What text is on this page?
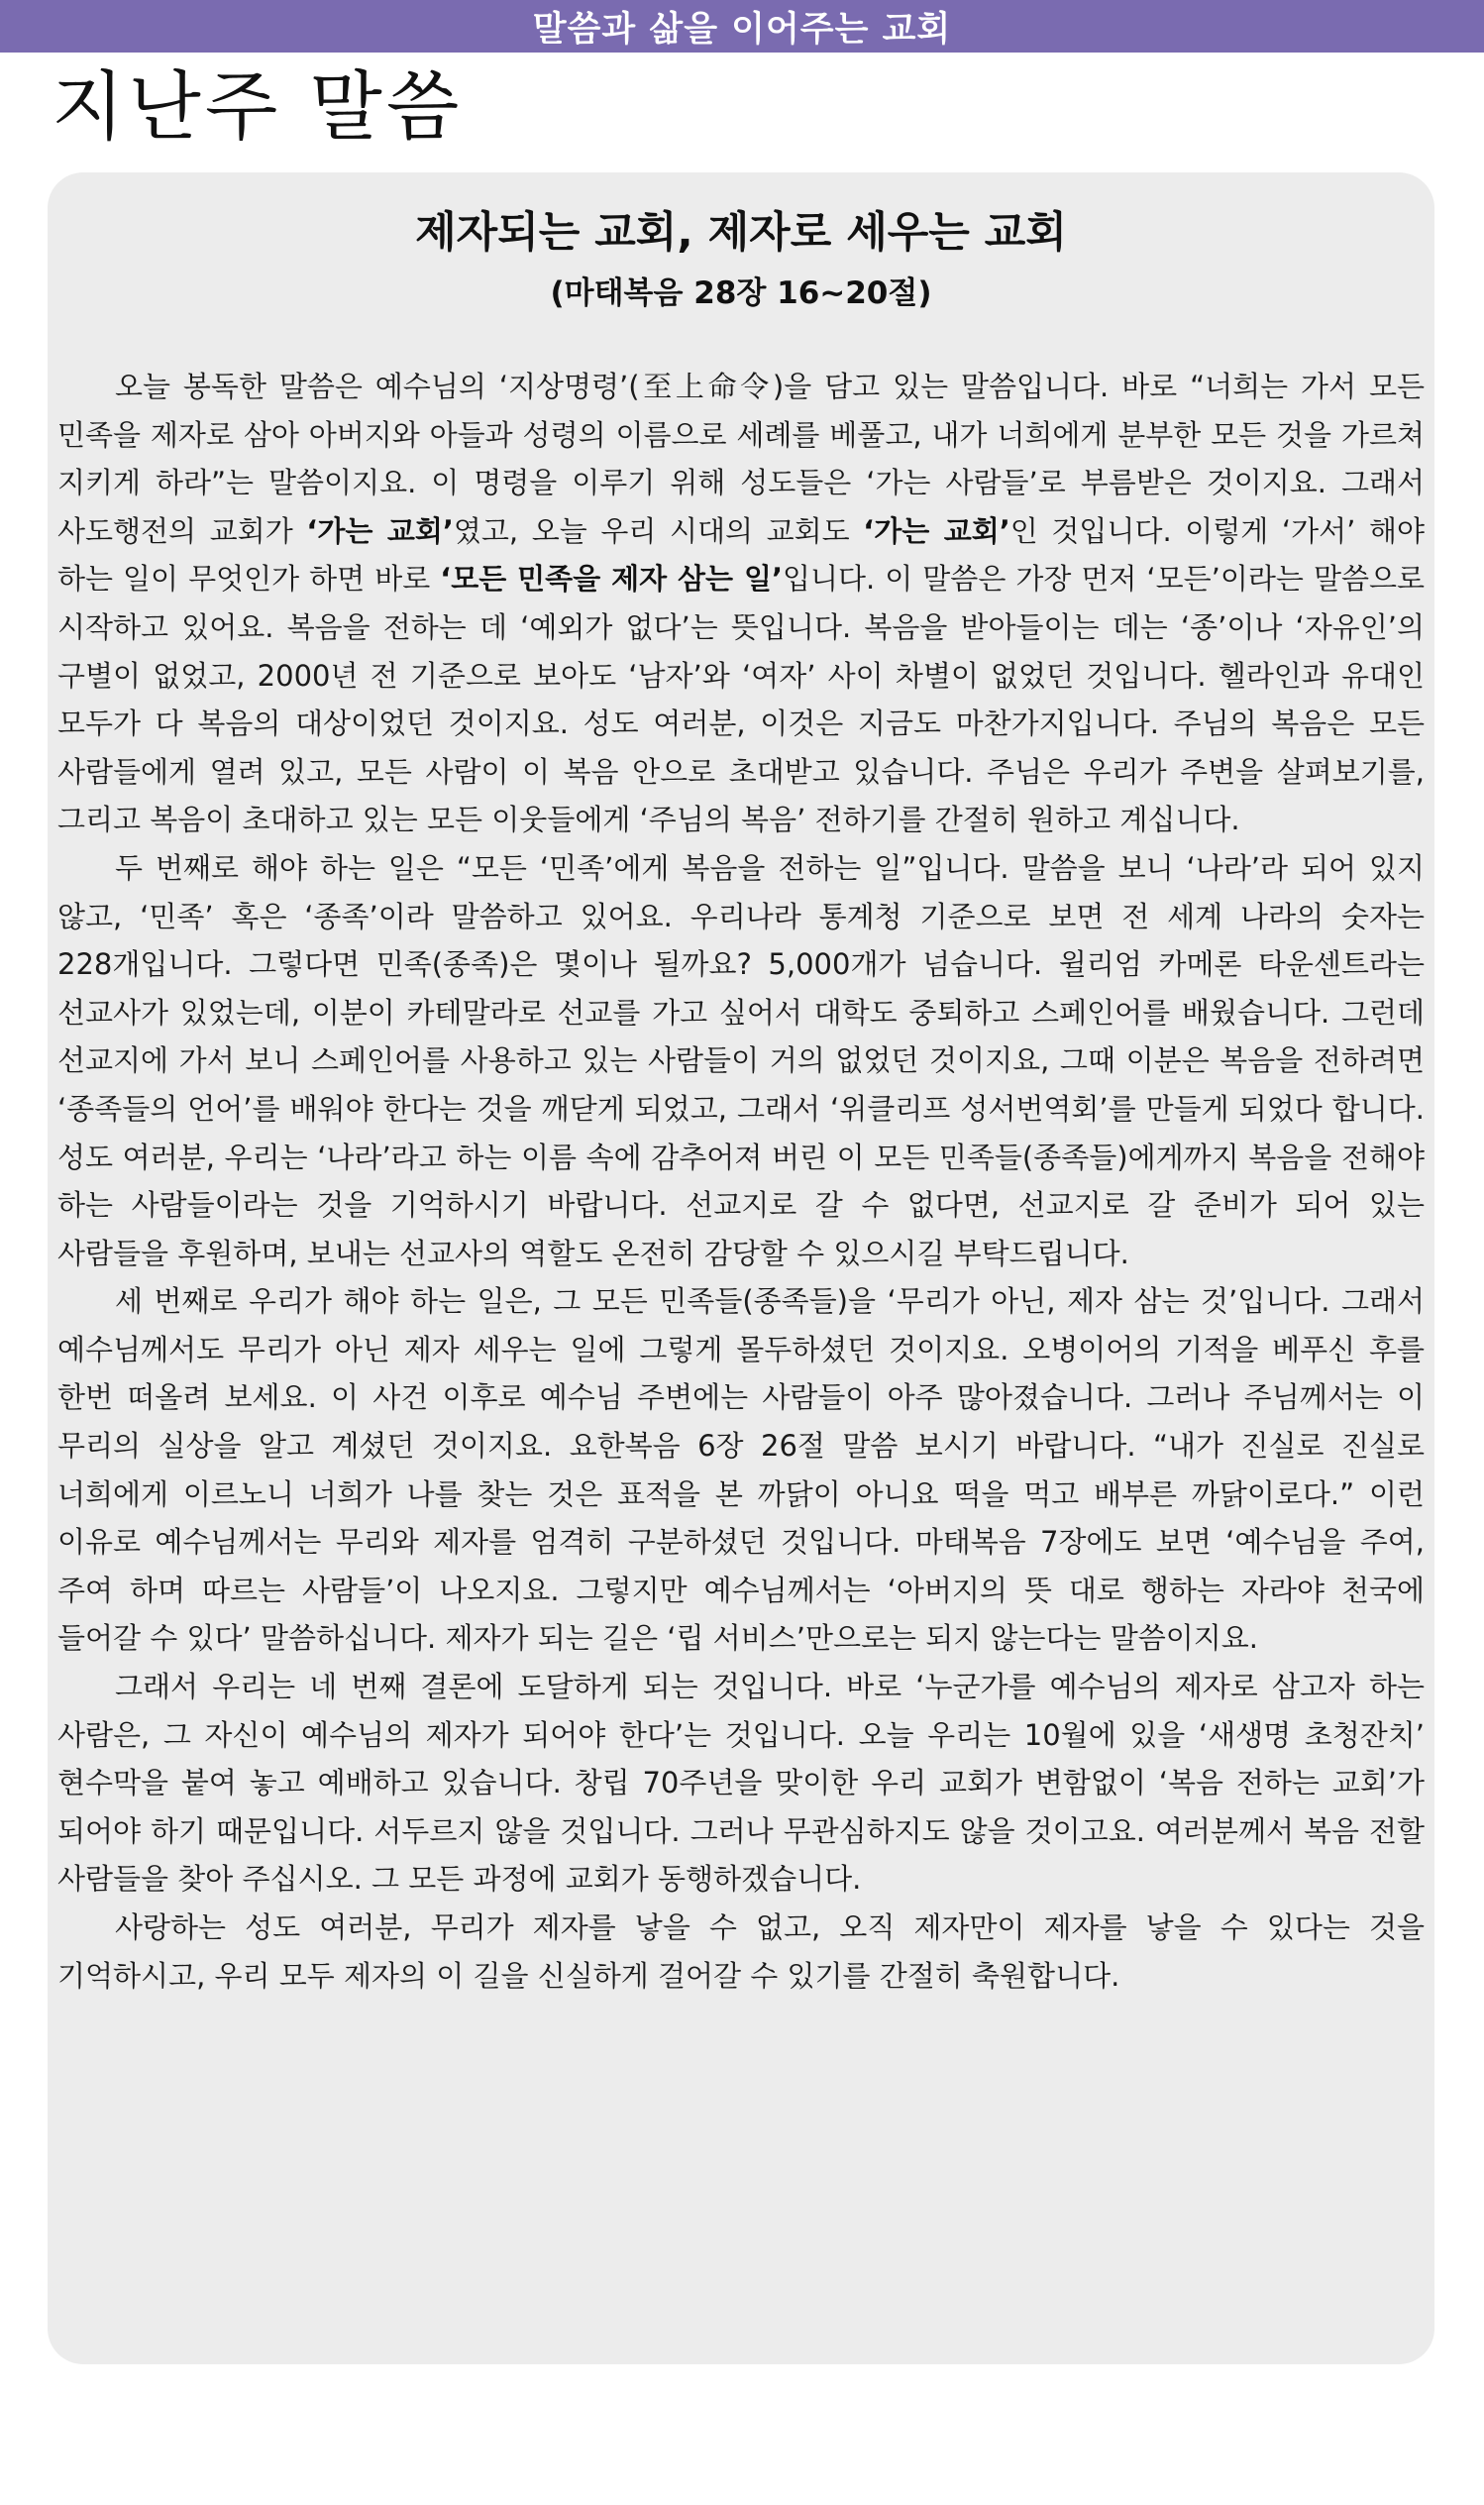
말씀과 삶을 이어주는 교회
지난주 말씀
제자되는 교회, 제자로 세우는 교회
(마태복음 28장 16~20절)

오늘 봉독한 말씀은 예수님의 ‘지상명령’(至上命令)을 담고 있는 말씀입니다. 바로 “너희는 가서 모든 민족을 제자로 삼아 아버지와 아들과 성령의 이름으로 세례를 베풀고, 내가 너희에게 분부한 모든 것을 가르쳐 지키게 하라”는 말씀이지요. 이 명령을 이루기 위해 성도들은 ‘가는 사람들’로 부름받은 것이지요. 그래서 사도행전의 교회가 ‘가는 교회’였고, 오늘 우리 시대의 교회도 ‘가는 교회’인 것입니다. 이렇게 ‘가서’ 해야 하는 일이 무엇인가 하면 바로 ‘모든 민족을 제자 삼는 일’입니다. 이 말씀은 가장 먼저 ‘모든’이라는 말씀으로 시작하고 있어요. 복음을 전하는 데 ‘예외가 없다’는 뜻입니다. 복음을 받아들이는 데는 ‘종’이나 ‘자유인’의 구별이 없었고, 2000년 전 기준으로 보아도 ‘남자’와 ‘여자’ 사이 차별이 없었던 것입니다. 헬라인과 유대인 모두가 다 복음의 대상이었던 것이지요. 성도 여러분, 이것은 지금도 마찬가지입니다. 주님의 복음은 모든 사람들에게 열려 있고, 모든 사람이 이 복음 안으로 초대받고 있습니다. 주님은 우리가 주변을 살펴보기를, 그리고 복음이 초대하고 있는 모든 이웃들에게 ‘주님의 복음’ 전하기를 간절히 원하고 계십니다.

두 번째로 해야 하는 일은 “모든 ‘민족’에게 복음을 전하는 일”입니다. 말씀을 보니 ‘나라’라 되어 있지 않고, ‘민족’ 혹은 ‘종족’이라 말씀하고 있어요. 우리나라 통계청 기준으로 보면 전 세계 나라의 숫자는 228개입니다. 그렇다면 민족(종족)은 몇이나 될까요? 5,000개가 넘습니다. 윌리엄 카메론 타운센트라는 선교사가 있었는데, 이분이 카테말라로 선교를 가고 싶어서 대학도 중퇴하고 스페인어를 배웠습니다. 그런데 선교지에 가서 보니 스페인어를 사용하고 있는 사람들이 거의 없었던 것이지요, 그때 이분은 복음을 전하려면 ‘종족들의 언어’를 배워야 한다는 것을 깨닫게 되었고, 그래서 ‘위클리프 성서번역회’를 만들게 되었다 합니다. 성도 여러분, 우리는 ‘나라’라고 하는 이름 속에 감추어져 버린 이 모든 민족들(종족들)에게까지 복음을 전해야 하는 사람들이라는 것을 기억하시기 바랍니다. 선교지로 갈 수 없다면, 선교지로 갈 준비가 되어 있는 사람들을 후원하며, 보내는 선교사의 역할도 온전히 감당할 수 있으시길 부탁드립니다.

세 번째로 우리가 해야 하는 일은, 그 모든 민족들(종족들)을 ‘무리가 아닌, 제자 삼는 것’입니다. 그래서 예수님께서도 무리가 아닌 제자 세우는 일에 그렇게 몰두하셨던 것이지요. 오병이어의 기적을 베푸신 후를 한번 떠올려 보세요. 이 사건 이후로 예수님 주변에는 사람들이 아주 많아졌습니다. 그러나 주님께서는 이 무리의 실상을 알고 계셨던 것이지요. 요한복음 6장 26절 말씀 보시기 바랍니다. “내가 진실로 진실로 너희에게 이르노니 너희가 나를 찾는 것은 표적을 본 까닭이 아니요 떡을 먹고 배부른 까닭이로다.” 이런 이유로 예수님께서는 무리와 제자를 엄격히 구분하셨던 것입니다. 마태복음 7장에도 보면 ‘예수님을 주여, 주여 하며 따르는 사람들’이 나오지요. 그렇지만 예수님께서는 ‘아버지의 뜻 대로 행하는 자라야 천국에 들어갈 수 있다’ 말씀하십니다. 제자가 되는 길은 ‘립 서비스’만으로는 되지 않는다는 말씀이지요.

그래서 우리는 네 번째 결론에 도달하게 되는 것입니다. 바로 ‘누군가를 예수님의 제자로 삼고자 하는 사람은, 그 자신이 예수님의 제자가 되어야 한다’는 것입니다. 오늘 우리는 10월에 있을 ‘새생명 초청잔치’ 현수막을 붙여 놓고 예배하고 있습니다. 창립 70주년을 맞이한 우리 교회가 변함없이 ‘복음 전하는 교회’가 되어야 하기 때문입니다. 서두르지 않을 것입니다. 그러나 무관심하지도 않을 것이고요. 여러분께서 복음 전할 사람들을 찾아 주십시오. 그 모든 과정에 교회가 동행하겠습니다.

사랑하는 성도 여러분, 무리가 제자를 낳을 수 없고, 오직 제자만이 제자를 낳을 수 있다는 것을 기억하시고, 우리 모두 제자의 이 길을 신실하게 걸어갈 수 있기를 간절히 축원합니다.
